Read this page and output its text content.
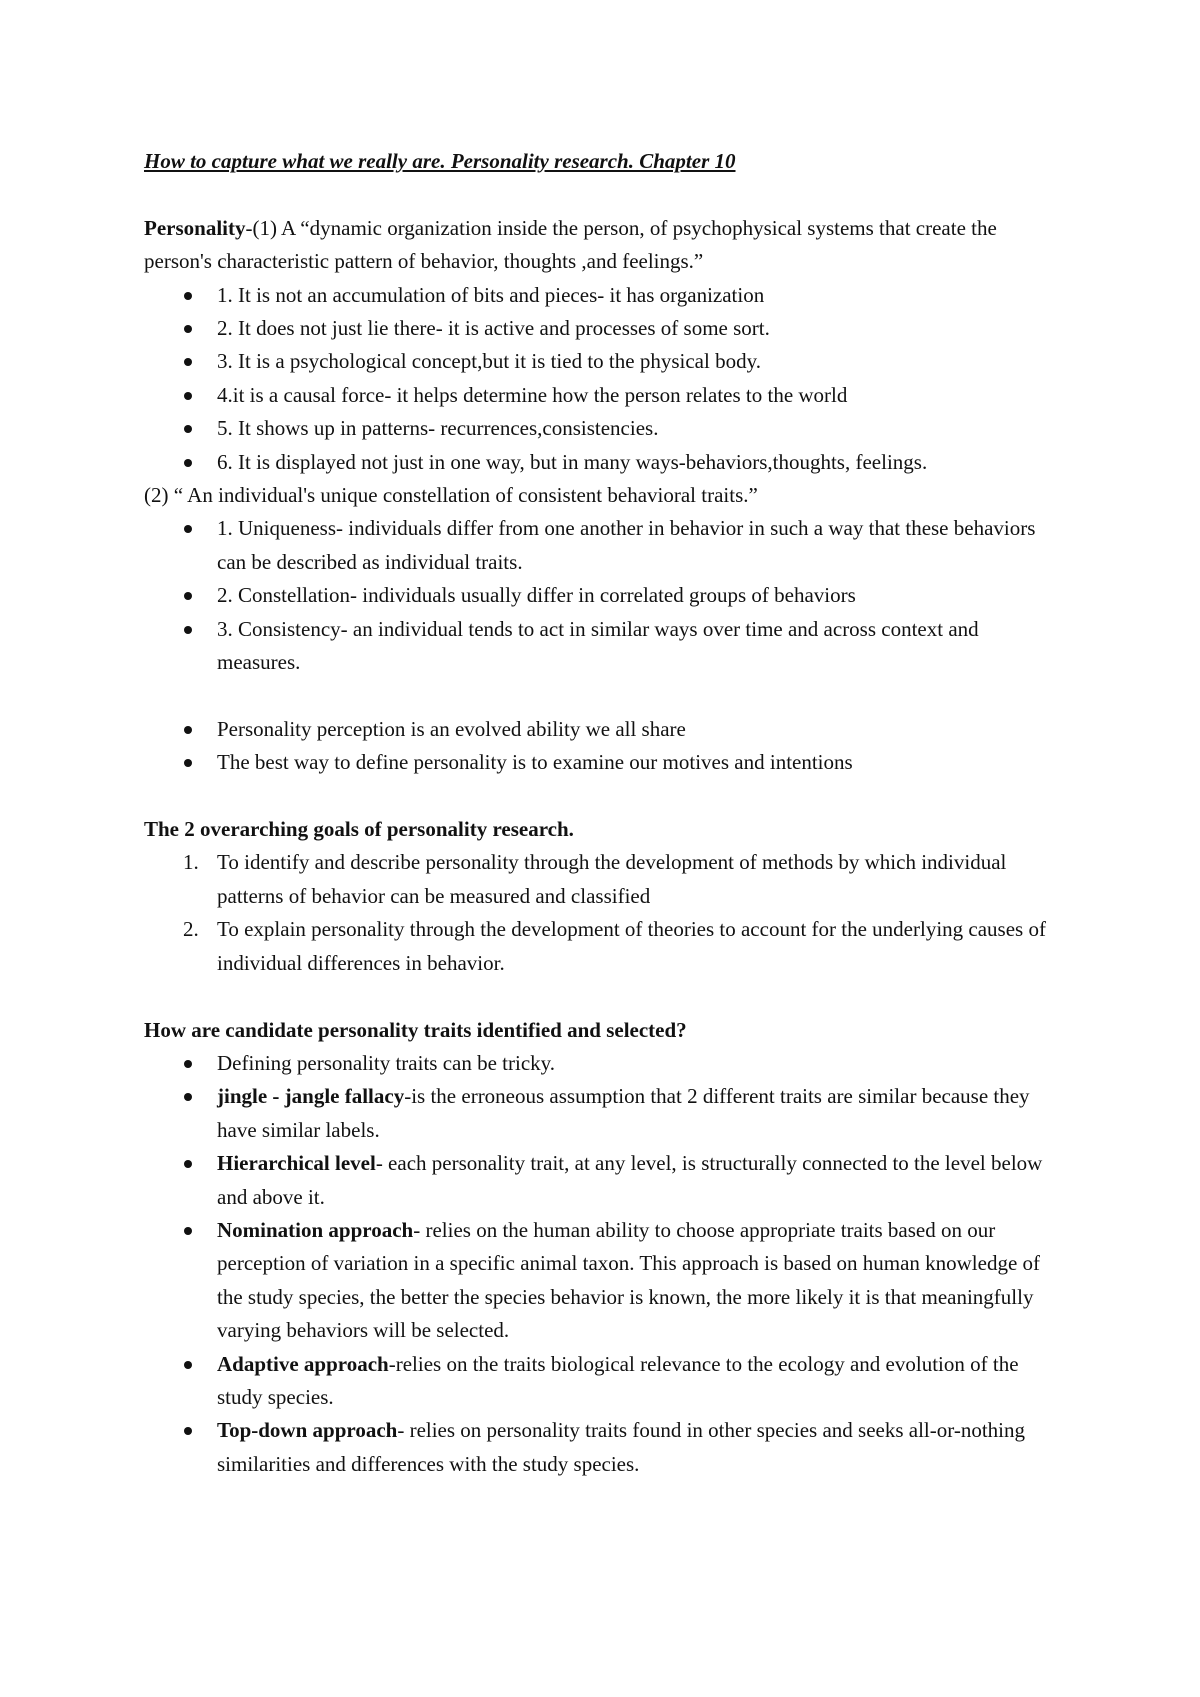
How to capture what we really are. Personality research. Chapter 10

Personality-(1) A “dynamic organization inside the person, of psychophysical systems that create the person's characteristic pattern of behavior, thoughts ,and feelings.”

1. It is not an accumulation of bits and pieces- it has organization
2. It does not just lie there- it is active and processes of some sort.
3. It is a psychological concept,but it is tied to the physical body.
4.it is a causal force- it helps determine how the person relates to the world
5. It shows up in patterns- recurrences,consistencies.
6. It is displayed not just in one way, but in many ways-behaviors,thoughts, feelings.

(2) “ An individual's unique constellation of consistent behavioral traits.”

1. Uniqueness- individuals differ from one another in behavior in such a way that these behaviors can be described as individual traits.
2. Constellation- individuals usually differ in correlated groups of behaviors
3. Consistency- an individual tends to act in similar ways over time and across context and measures.
Personality perception is an evolved ability we all share
The best way to define personality is to examine our motives and intentions

The 2 overarching goals of personality research.

1. To identify and describe personality through the development of methods by which individual patterns of behavior can be measured and classified
2. To explain personality through the development of theories to account for the underlying causes of individual differences in behavior.

How are candidate personality traits identified and selected?

Defining personality traits can be tricky.
jingle - jangle fallacy-is the erroneous assumption that 2 different traits are similar because they have similar labels.
Hierarchical level- each personality trait, at any level, is structurally connected to the level below and above it.
Nomination approach- relies on the human ability to choose appropriate traits based on our perception of variation in a specific animal taxon. This approach is based on human knowledge of the study species, the better the species behavior is known, the more likely it is that meaningfully varying behaviors will be selected.
Adaptive approach-relies on the traits biological relevance to the ecology and evolution of the study species.
Top-down approach- relies on personality traits found in other species and seeks all-or-nothing similarities and differences with the study species.
